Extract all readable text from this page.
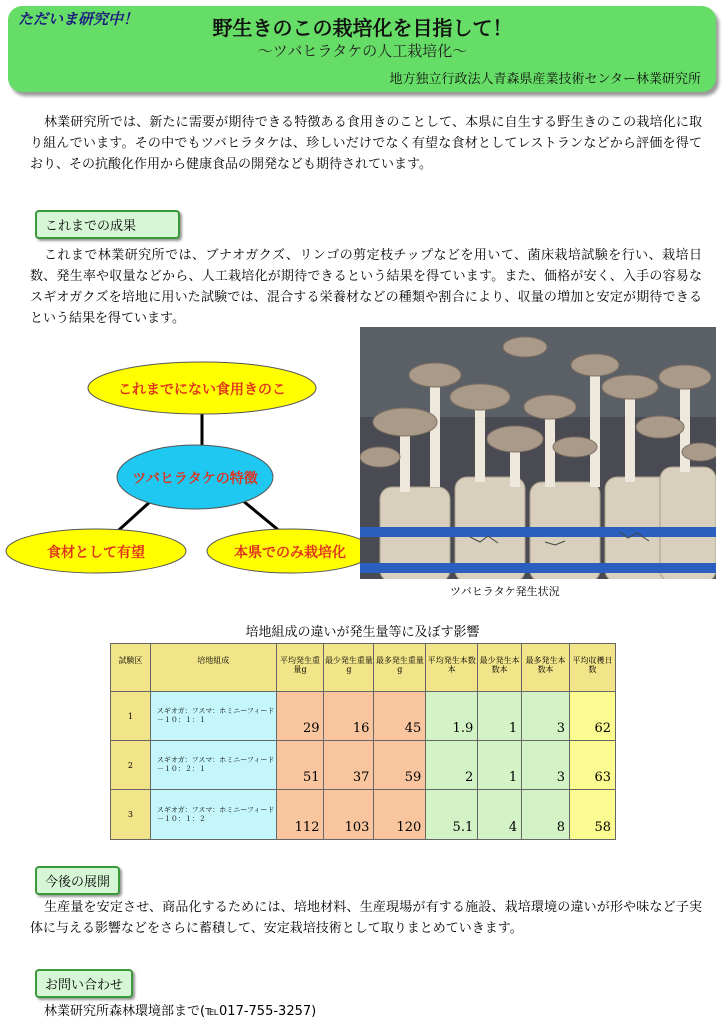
ただいま研究中！	野生きのこの栽培化を目指して！
～ツバヒラタケの人工栽培化～
地方独立行政法人青森県産業技術センター林業研究所
林業研究所では、新たに需要が期待できる特徴ある食用きのことして、本県に自生する野生きのこの栽培化に取り組んでいます。その中でもツバヒラタケは、珍しいだけでなく有望な食材としてレストランなどから評価を得ており、その抗酸化作用から健康食品の開発なども期待されています。
これまでの成果
これまで林業研究所では、ブナオガクズ、リンゴの剪定枝チップなどを用いて、菌床栽培試験を行い、栽培日数、発生率や収量などから、人工栽培化が期待できるという結果を得ています。また、価格が安く、入手の容易なスギオガクズを培地に用いた試験では、混合する栄養材などの種類や割合により、収量の増加と安定が期待できるという結果を得ています。
これまでにない食用きのこ
ツバヒラタケの特徴
食材として有望	本県でのみ栽培化
ツバヒラタケ発生状況
培地組成の違いが発生量等に及ぼす影響
試験区	培地組成	平均発生重量g	最少発生重量g	最多発生重量g	平均発生本数本	最少発生本数本	最多発生本数本	平均収穫日数
1	スギオガ：フスマ：ホミニーフィード－１０：１：１	29	16	45	1.9	1	3	62
2	スギオガ：フスマ：ホミニーフィード－１０：２：１	51	37	59	2	1	3	63
3	スギオガ：フスマ：ホミニーフィード－１０：１：２	112	103	120	5.1	4	8	58
今後の展開
生産量を安定させ、商品化するためには、培地材料、生産現場が有する施設、栽培環境の違いが形や味など子実体に与える影響などをさらに蓄積して、安定栽培技術として取りまとめていきます。
お問い合わせ
林業研究所森林環境部まで(℡017-755-3257)
